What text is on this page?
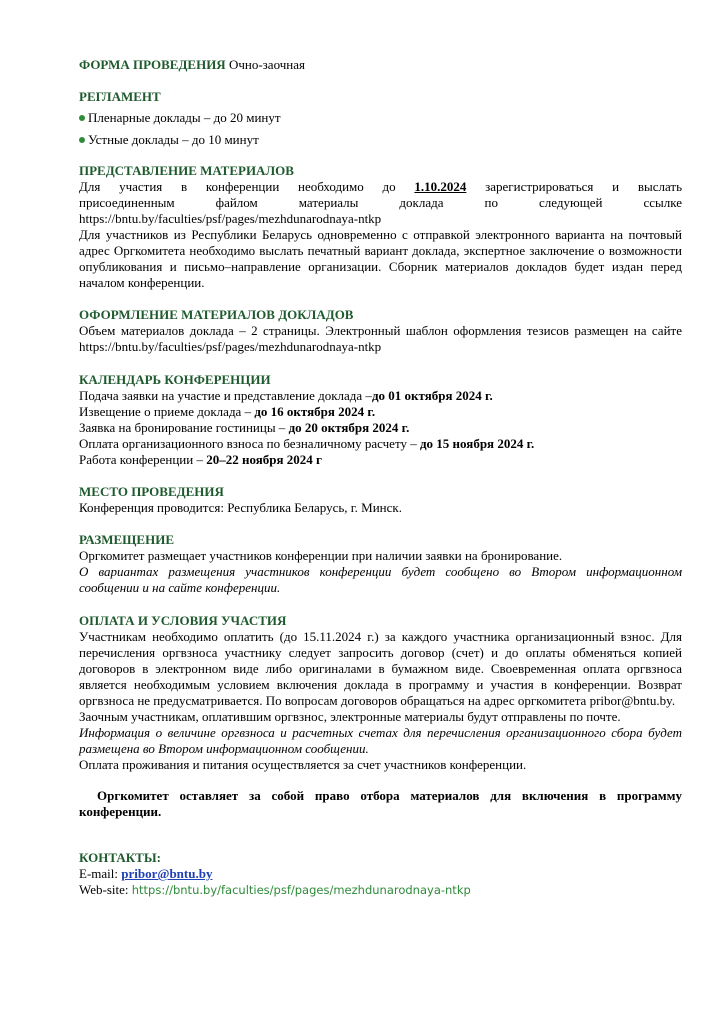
ФОРМА ПРОВЕДЕНИЯ Очно-заочная

РЕГЛАМЕНТ

Пленарные доклады – до 20 минут
Устные доклады – до 10 минут

ПРЕДСТАВЛЕНИЕ МАТЕРИАЛОВ

Для участия в конференции необходимо до 1.10.2024 зарегистрироваться и выслать

присоединенным файлом материалы доклада по следующей ссылке

https://bntu.by/faculties/psf/pages/mezhdunarodnaya-ntkp

Для участников из Республики Беларусь одновременно с отправкой электронного варианта на почтовый адрес Оргкомитета необходимо выслать печатный вариант доклада, экспертное заключение о возможности опубликования и письмо–направление организации. Сборник материалов докладов будет издан перед началом конференции.

ОФОРМЛЕНИЕ МАТЕРИАЛОВ ДОКЛАДОВ

Объем материалов доклада – 2 страницы. Электронный шаблон оформления тезисов размещен на сайте https://bntu.by/faculties/psf/pages/mezhdunarodnaya-ntkp

КАЛЕНДАРЬ КОНФЕРЕНЦИИ

Подача заявки на участие и представление доклада –до 01 октября 2024 г.

Извещение о приеме доклада – до 16 октября 2024 г.

Заявка на бронирование гостиницы – до 20 октября 2024 г.

Оплата организационного взноса по безналичному расчету – до 15 ноября 2024 г.

Работа конференции – 20–22 ноября 2024 г

МЕСТО ПРОВЕДЕНИЯ

Конференция проводится: Республика Беларусь, г. Минск.

РАЗМЕЩЕНИЕ

Оргкомитет размещает участников конференции при наличии заявки на бронирование.

О вариантах размещения участников конференции будет сообщено во Втором информационном сообщении и на сайте конференции.

ОПЛАТА И УСЛОВИЯ УЧАСТИЯ

Участникам необходимо оплатить (до 15.11.2024 г.) за каждого участника организационный взнос. Для перечисления оргвзноса участнику следует запросить договор (счет) и до оплаты обменяться копией договоров в электронном виде либо оригиналами в бумажном виде. Своевременная оплата оргвзноса является необходимым условием включения доклада в программу и участия в конференции. Возврат оргвзноса не предусматривается. По вопросам договоров обращаться на адрес оргкомитета pribor@bntu.by.

Заочным участникам, оплатившим оргвзнос, электронные материалы будут отправлены по почте.

Информация о величине оргвзноса и расчетных счетах для перечисления организационного сбора будет размещена во Втором информационном сообщении.

Оплата проживания и питания осуществляется за счет участников конференции.

Оргкомитет оставляет за собой право отбора материалов для включения в программу конференции.

КОНТАКТЫ:

E-mail: pribor@bntu.by

Web-site: https://bntu.by/faculties/psf/pages/mezhdunarodnaya-ntkp
